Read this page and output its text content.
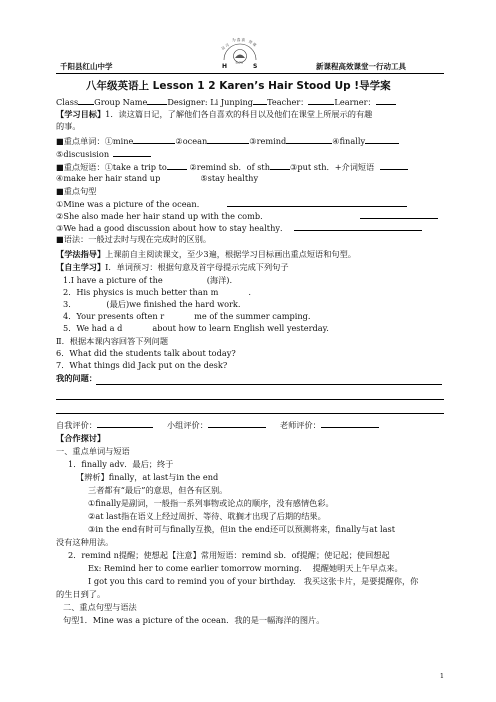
千阳县红山中学	新课程高效课堂一行动工具
县 习
为 春 高 效 课
SLOW
H	S
八年级英语上 Lesson 1 2 Karen’s Hair Stood Up !导学案
Class Group Name Designer: Li Junping Teacher：	Learner：
【学习目标】1．读这篇日记，了解他们各自喜欢的科目以及他们在课堂上所展示的有趣
的事。
■重点单词：①mine	②ocean	③remind	④finally
⑤discusision
■重点短语：①take a trip to	②remind sb．of sth ③put sth．+介词短语
④make her hair stand up	⑤stay healthy
■重点句型
①Mine was a picture of the ocean．
②She also made her hair stand up with the comb．
③We had a good discussion about how to stay healthy．
■语法：一般过去时与现在完成时的区别。
【学法指导】上课前自主阅读课文，至少3遍，根据学习目标画出重点短语和句型。
【自主学习】I．单词预习：根据句意及首字母提示完成下列句子
1.I have a picture of the	(海洋).
2．His physics is much better than m	.
3．	(最后)we finished the hard work.
4．Your presents often r	me of the summer camping.
5．We had a d	about how to learn English well yesterday.
Ⅱ．根据本课内容回答下列问题
6．What did the students talk about today?
7．What things did Jack put on the desk?
我的问题：
自我评价：	小组评价：	老师评价：
【合作探讨】
一、重点单词与短语
1．finally adv．最后；终于
【辨析】finally，at last与in the end
三者都有“最后”的意思，但各有区别。
①finally是副词，一般指一系列事物或论点的顺序，没有感情色彩。
②at last指在语义上经过周折、等待、耽搁才出现了后期的结果。
③in the end有时可与finally互换，但in the end还可以预测将来，finally与at last
没有这种用法。
2．remind n提醒；使想起【注意】常用短语：remind sb．of提醒；使记起；使回想起
Ex: Remind her to come earlier tomorrow morning.　 提醒她明天上午早点来。
I got you this card to remind you of your birthday.　我买这张卡片，是要提醒你，你
的生日到了。
二、重点句型与语法
句型1．Mine was a picture of the ocean．我的是一幅海洋的图片。
1
